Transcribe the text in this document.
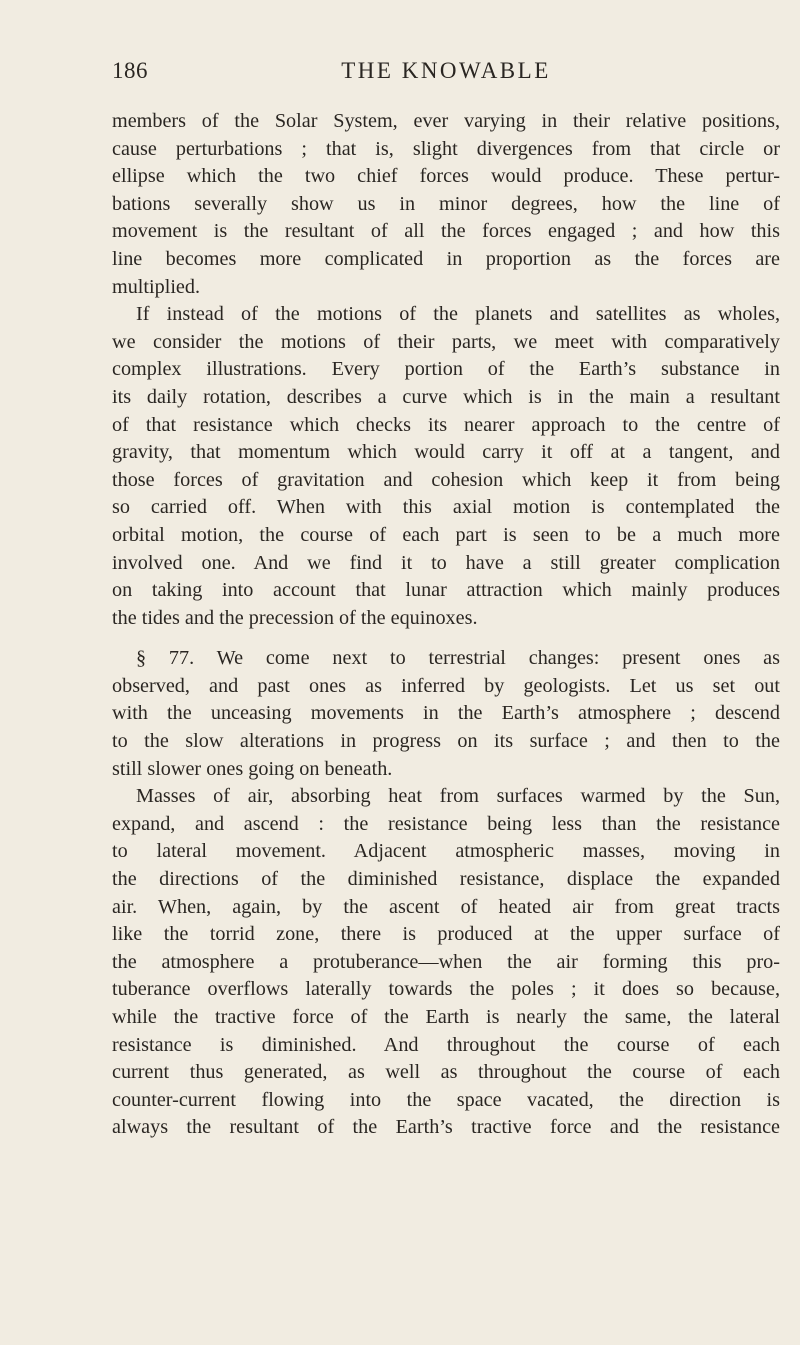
186	THE KNOWABLE
members of the Solar System, ever varying in their relative positions,
cause perturbations ; that is, slight divergences from that circle or
ellipse which the two chief forces would produce. These pertur-
bations severally show us in minor degrees, how the line of
movement is the resultant of all the forces engaged ; and how this
line becomes more complicated in proportion as the forces are
multiplied.
If instead of the motions of the planets and satellites as wholes,
we consider the motions of their parts, we meet with comparatively
complex illustrations. Every portion of the Earth’s substance in
its daily rotation, describes a curve which is in the main a resultant
of that resistance which checks its nearer approach to the centre of
gravity, that momentum which would carry it off at a tangent, and
those forces of gravitation and cohesion which keep it from being
so carried off. When with this axial motion is contemplated the
orbital motion, the course of each part is seen to be a much more
involved one. And we find it to have a still greater complication
on taking into account that lunar attraction which mainly produces
the tides and the precession of the equinoxes.
§ 77. We come next to terrestrial changes: present ones as
observed, and past ones as inferred by geologists. Let us set out
with the unceasing movements in the Earth’s atmosphere ; descend
to the slow alterations in progress on its surface ; and then to the
still slower ones going on beneath.
Masses of air, absorbing heat from surfaces warmed by the Sun,
expand, and ascend : the resistance being less than the resistance
to lateral movement. Adjacent atmospheric masses, moving in
the directions of the diminished resistance, displace the expanded
air. When, again, by the ascent of heated air from great tracts
like the torrid zone, there is produced at the upper surface of
the atmosphere a protuberance—when the air forming this pro-
tuberance overflows laterally towards the poles ; it does so because,
while the tractive force of the Earth is nearly the same, the lateral
resistance is diminished. And throughout the course of each
current thus generated, as well as throughout the course of each
counter-current flowing into the space vacated, the direction is
always the resultant of the Earth’s tractive force and the resistance
